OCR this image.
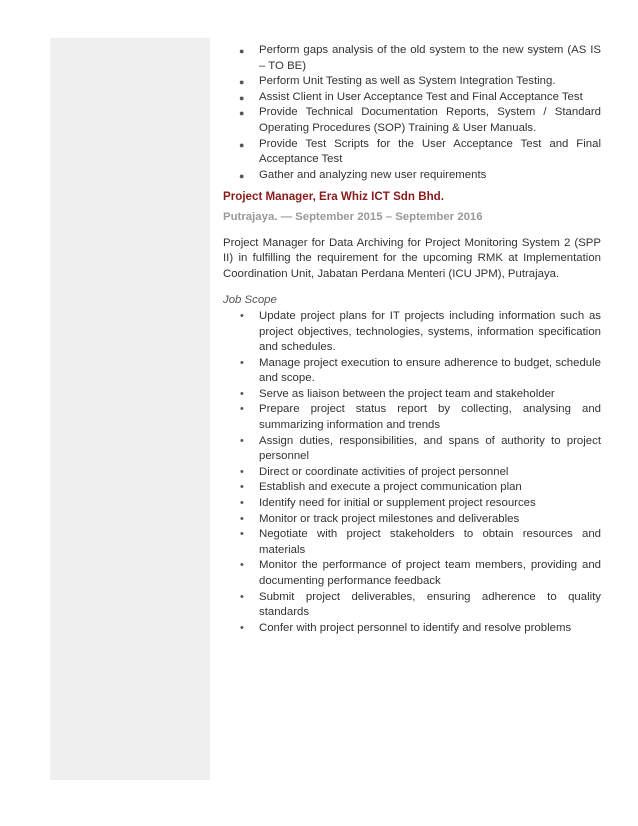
● Perform gaps analysis of the old system to the new system (AS IS – TO BE)
● Perform Unit Testing as well as System Integration Testing.
● Assist Client in User Acceptance Test and Final Acceptance Test
● Provide Technical Documentation Reports, System / Standard Operating Procedures (SOP) Training & User Manuals.
● Provide Test Scripts for the User Acceptance Test and Final Acceptance Test
● Gather and analyzing new user requirements
Project Manager, Era Whiz ICT Sdn Bhd.
Putrajaya. — September 2015 – September 2016
Project Manager for Data Archiving for Project Monitoring System 2 (SPP II) in fulfilling the requirement for the upcoming RMK at Implementation Coordination Unit, Jabatan Perdana Menteri (ICU JPM), Putrajaya.
Job Scope
• Update project plans for IT projects including information such as project objectives, technologies, systems, information specification and schedules.
• Manage project execution to ensure adherence to budget, schedule and scope.
• Serve as liaison between the project team and stakeholder
• Prepare project status report by collecting, analysing and summarizing information and trends
• Assign duties, responsibilities, and spans of authority to project personnel
• Direct or coordinate activities of project personnel
• Establish and execute a project communication plan
• Identify need for initial or supplement project resources
• Monitor or track project milestones and deliverables
• Negotiate with project stakeholders to obtain resources and materials
• Monitor the performance of project team members, providing and documenting performance feedback
• Submit project deliverables, ensuring adherence to quality standards
• Confer with project personnel to identify and resolve problems
